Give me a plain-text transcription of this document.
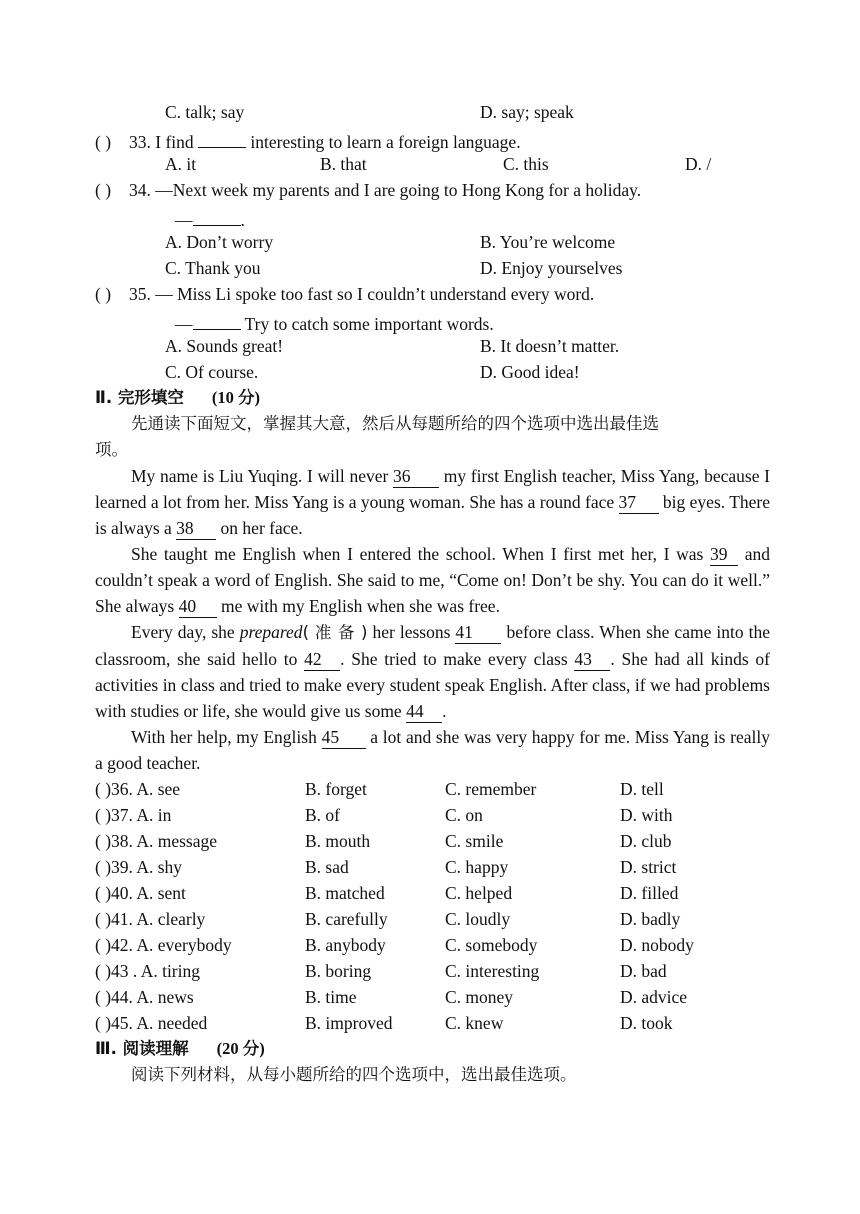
C. talk; say	D. say; speak
( ) 33. I find	interesting to learn a foreign language.
A. it	B. that	C. this	D. /
( ) 34. —Next week my parents and I are going to Hong Kong for a holiday.
—	.
A. Don’t worry	B. You’re welcome
C. Thank you	D. Enjoy yourselves
( ) 35. — Miss Li spoke too fast so I couldn’t understand every word.
—	Try to catch some important words.
A. Sounds great!	B. It doesn’t matter.
C. Of course.	D. Good idea!
Ⅱ. 完形填空 (10 分)
先通读下面短文，掌握其大意，然后从每题所给的四个选项中选出最佳选
项。
My name is Liu Yuqing. I will never 36 my first English teacher, Miss Yang, because I learned a lot from her. Miss Yang is a young woman. She has a round face 37 big eyes. There is always a 38 on her face.
She taught me English when I entered the school. When I first met her, I was 39 and couldn’t speak a word of English. She said to me, “Come on! Don’t be shy. You can do it well.” She always 40 me with my English when she was free.
Every day, she prepared( 准 备 ) her lessons 41 before class. When she came into the classroom, she said hello to 42 . She tried to make every class 43 . She had all kinds of activities in class and tried to make every student speak English. After class, if we had problems with studies or life, she would give us some 44 .
With her help, my English 45 a lot and she was very happy for me. Miss Yang is really a good teacher.
( )36. A. see	B. forget	C. remember	D. tell
( )37. A. in	B. of	C. on	D. with
( )38. A. message	B. mouth	C. smile	D. club
( )39. A. shy	B. sad	C. happy	D. strict
( )40. A. sent	B. matched	C. helped	D. filled
( )41. A. clearly	B. carefully	C. loudly	D. badly
( )42. A. everybody	B. anybody	C. somebody	D. nobody
( )43 . A. tiring	B. boring	C. interesting	D. bad
( )44. A. news	B. time	C. money	D. advice
( )45. A. needed	B. improved	C. knew	D. took
Ⅲ. 阅读理解 (20 分)
阅读下列材料，从每小题所给的四个选项中，选出最佳选项。
